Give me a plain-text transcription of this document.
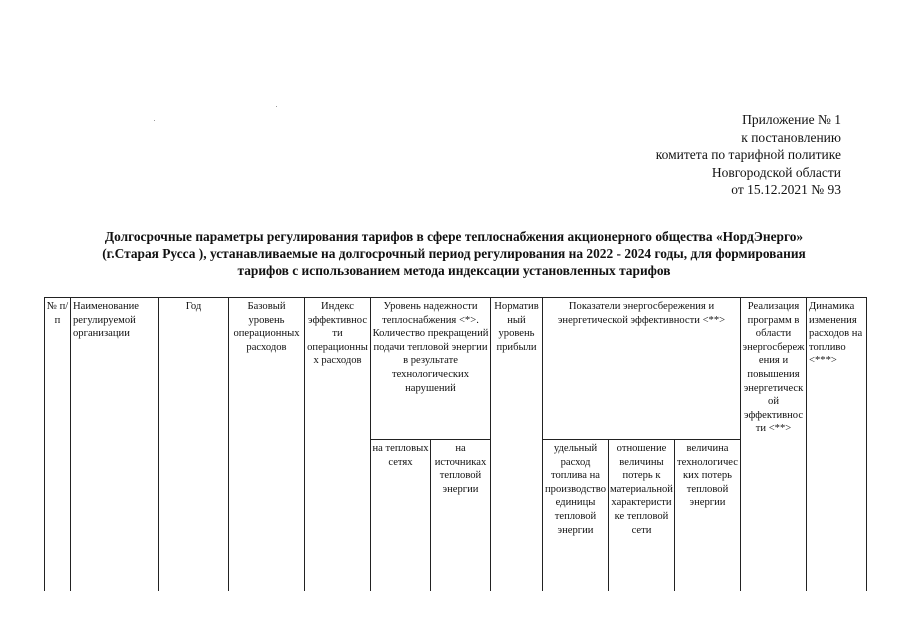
Приложение № 1
к постановлению
комитета по тарифной политике
Новгородской области
от 15.12.2021 № 93
Долгосрочные параметры регулирования тарифов в сфере теплоснабжения акционерного общества «НордЭнерго»
(г.Старая Русса ), устанавливаемые на долгосрочный период регулирования на 2022 - 2024 годы, для формирования
тарифов с использованием метода индексации установленных тарифов
№ п/п	Наименование регулируемой организации	Год	Базовый уровень операционных расходов	Индекс эффективности операционных расходов	Уровень надежности теплоснабжения <*>. Количество прекращений подачи тепловой энергии в результате технологических нарушений		Нормативный уровень прибыли	Показатели энергосбережения и энергетической эффективности <**>			Реализация программ в области энергосбережения и повышения энергетической эффективности <**>	Динамика изменения расходов на топливо <***>

					на тепловых сетях	на источниках тепловой энергии		удельный расход топлива на производство единицы тепловой энергии	отношение величины потерь к материальной характеристике тепловой сети	величина технологических потерь тепловой энергии		
